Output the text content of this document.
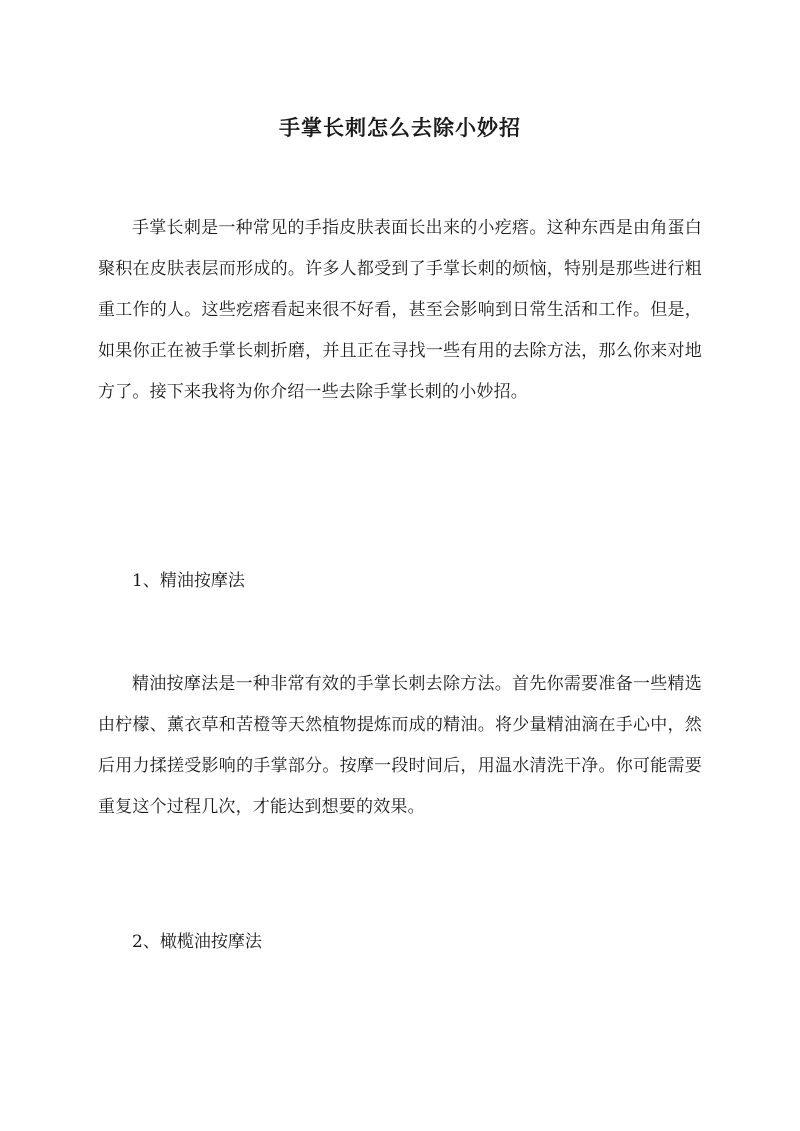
手掌长刺怎么去除小妙招

手掌长刺是一种常见的手指皮肤表面长出来的小疙瘩。这种东西是由角蛋白聚积在皮肤表层而形成的。许多人都受到了手掌长刺的烦恼，特别是那些进行粗重工作的人。这些疙瘩看起来很不好看，甚至会影响到日常生活和工作。但是，如果你正在被手掌长刺折磨，并且正在寻找一些有用的去除方法，那么你来对地方了。接下来我将为你介绍一些去除手掌长刺的小妙招。

1、精油按摩法

精油按摩法是一种非常有效的手掌长刺去除方法。首先你需要准备一些精选由柠檬、薰衣草和苦橙等天然植物提炼而成的精油。将少量精油滴在手心中，然后用力揉搓受影响的手掌部分。按摩一段时间后，用温水清洗干净。你可能需要重复这个过程几次，才能达到想要的效果。

2、橄榄油按摩法
